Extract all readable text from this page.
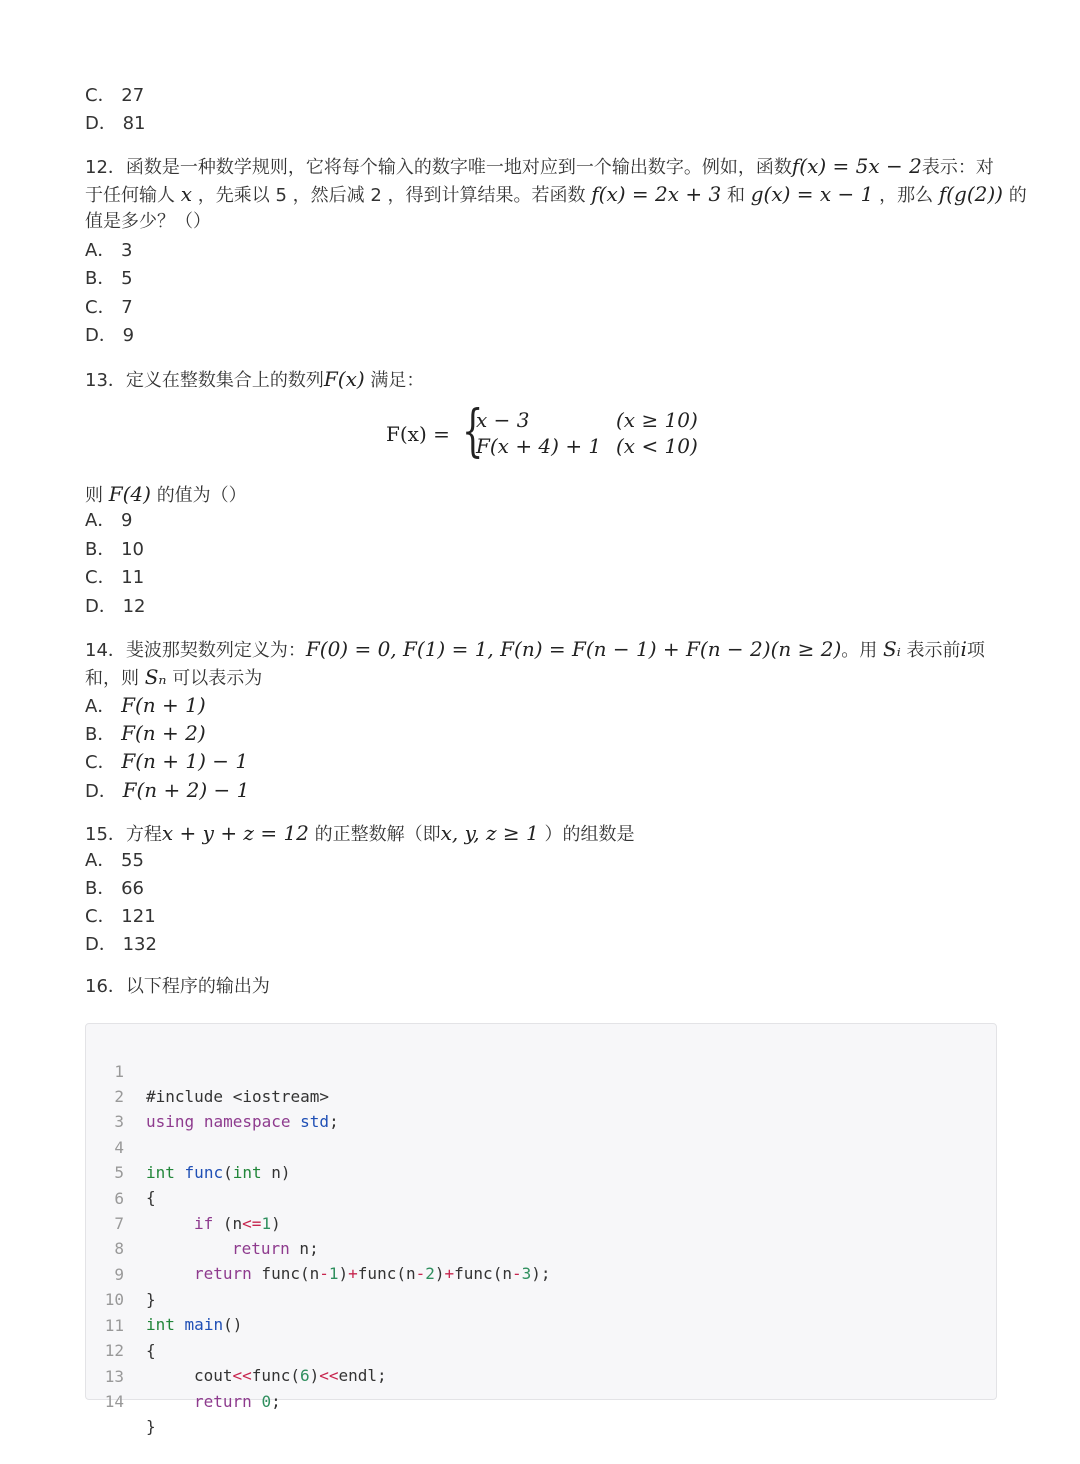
C． 27
D． 81
12．函数是一种数学规则，它将每个输入的数字唯一地对应到一个输出数字。例如，函数f(x) = 5x − 2表示：对
于任何输人 x ，先乘以 5 ，然后减 2 ，得到计算结果。若函数 f(x) = 2x + 3 和 g(x) = x − 1 ，那么 f(g(2)) 的
值是多少？（）
A． 3
B． 5
C． 7
D． 9
13．定义在整数集合上的数列F(x) 满足：
F(x) = {
x − 3	(x ≥ 10)
F(x + 4) + 1 (x < 10)
则 F(4) 的值为（）
A． 9
B． 10
C． 11
D． 12
14．斐波那契数列定义为：F(0) = 0, F(1) = 1, F(n) = F(n − 1) + F(n − 2)(n ≥ 2)。用 Sᵢ 表示前i项
和，则 Sₙ 可以表示为
A． F(n + 1)
B． F(n + 2)
C． F(n + 1) − 1
D． F(n + 2) − 1
15．方程x + y + z = 12 的正整数解（即x, y, z ≥ 1 ）的组数是
A． 55
B． 66
C． 121
D． 132
16．以下程序的输出为

1

#include <iostream>

2

using namespace std;

3

4

int func(int n)

5

{

6

if (n<=1)

7

return n;

8

return func(n-1)+func(n-2)+func(n-3);

9

}

10

int main()

11

{

12

cout<<func(6)<<endl;

13

return 0;

14

}
